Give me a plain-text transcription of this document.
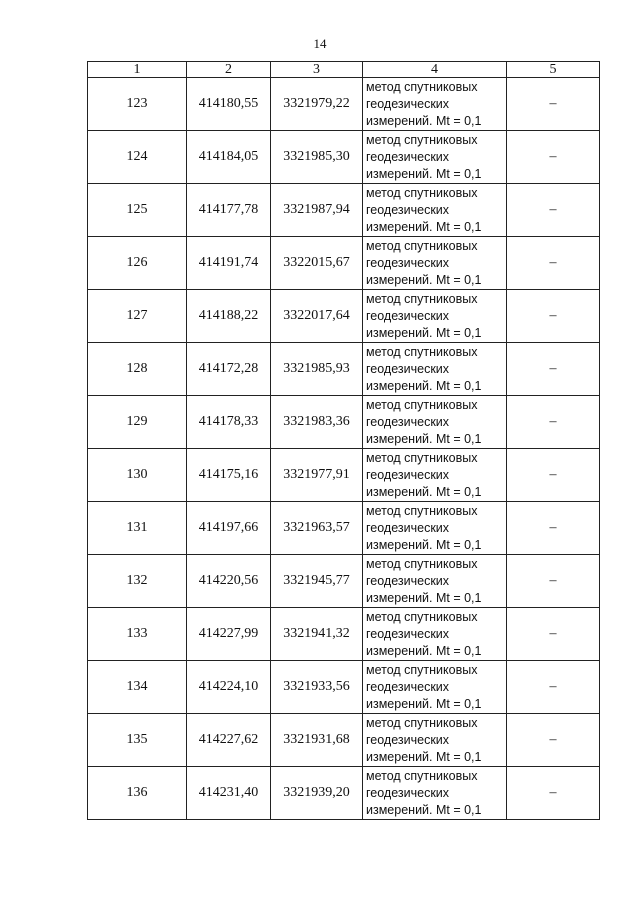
14
1	2	3	4	5
123	414180,55	3321979,22	метод спутниковых
геодезических
измерений. Mt = 0,1	–
124	414184,05	3321985,30	метод спутниковых
геодезических
измерений. Mt = 0,1	–
125	414177,78	3321987,94	метод спутниковых
геодезических
измерений. Mt = 0,1	–
126	414191,74	3322015,67	метод спутниковых
геодезических
измерений. Mt = 0,1	–
127	414188,22	3322017,64	метод спутниковых
геодезических
измерений. Mt = 0,1	–
128	414172,28	3321985,93	метод спутниковых
геодезических
измерений. Mt = 0,1	–
129	414178,33	3321983,36	метод спутниковых
геодезических
измерений. Mt = 0,1	–
130	414175,16	3321977,91	метод спутниковых
геодезических
измерений. Mt = 0,1	–
131	414197,66	3321963,57	метод спутниковых
геодезических
измерений. Mt = 0,1	–
132	414220,56	3321945,77	метод спутниковых
геодезических
измерений. Mt = 0,1	–
133	414227,99	3321941,32	метод спутниковых
геодезических
измерений. Mt = 0,1	–
134	414224,10	3321933,56	метод спутниковых
геодезических
измерений. Mt = 0,1	–
135	414227,62	3321931,68	метод спутниковых
геодезических
измерений. Mt = 0,1	–
136	414231,40	3321939,20	метод спутниковых
геодезических
измерений. Mt = 0,1	–
